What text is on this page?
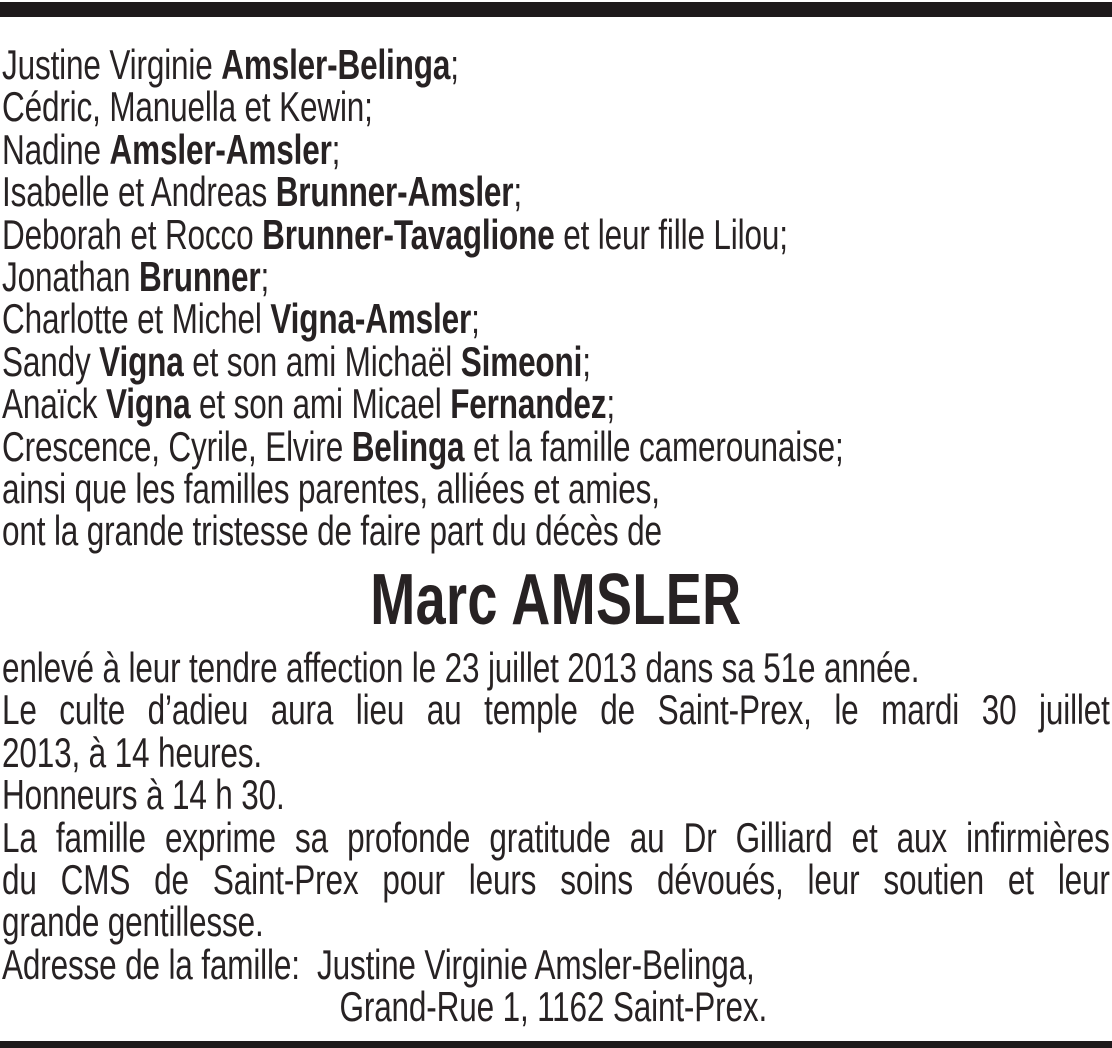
Justine Virginie Amsler-Belinga;
Cédric, Manuella et Kewin;
Nadine Amsler-Amsler;
Isabelle et Andreas Brunner-Amsler;
Deborah et Rocco Brunner-Tavaglione et leur fille Lilou;
Jonathan Brunner;
Charlotte et Michel Vigna-Amsler;
Sandy Vigna et son ami Michaël Simeoni;
Anaïck Vigna et son ami Micael Fernandez;
Crescence, Cyrile, Elvire Belinga et la famille camerounaise;
ainsi que les familles parentes, alliées et amies,
ont la grande tristesse de faire part du décès de
Marc AMSLER
enlevé à leur tendre affection le 23 juillet 2013 dans sa 51e année.
Le culte d’adieu aura lieu au temple de Saint-Prex, le mardi 30 juillet
2013, à 14 heures.
Honneurs à 14 h 30.
La famille exprime sa profonde gratitude au Dr Gilliard et aux infirmières
du CMS de Saint-Prex pour leurs soins dévoués, leur soutien et leur
grande gentillesse.
Adresse de la famille:  Justine Virginie Amsler-Belinga,
Grand-Rue 1, 1162 Saint-Prex.
